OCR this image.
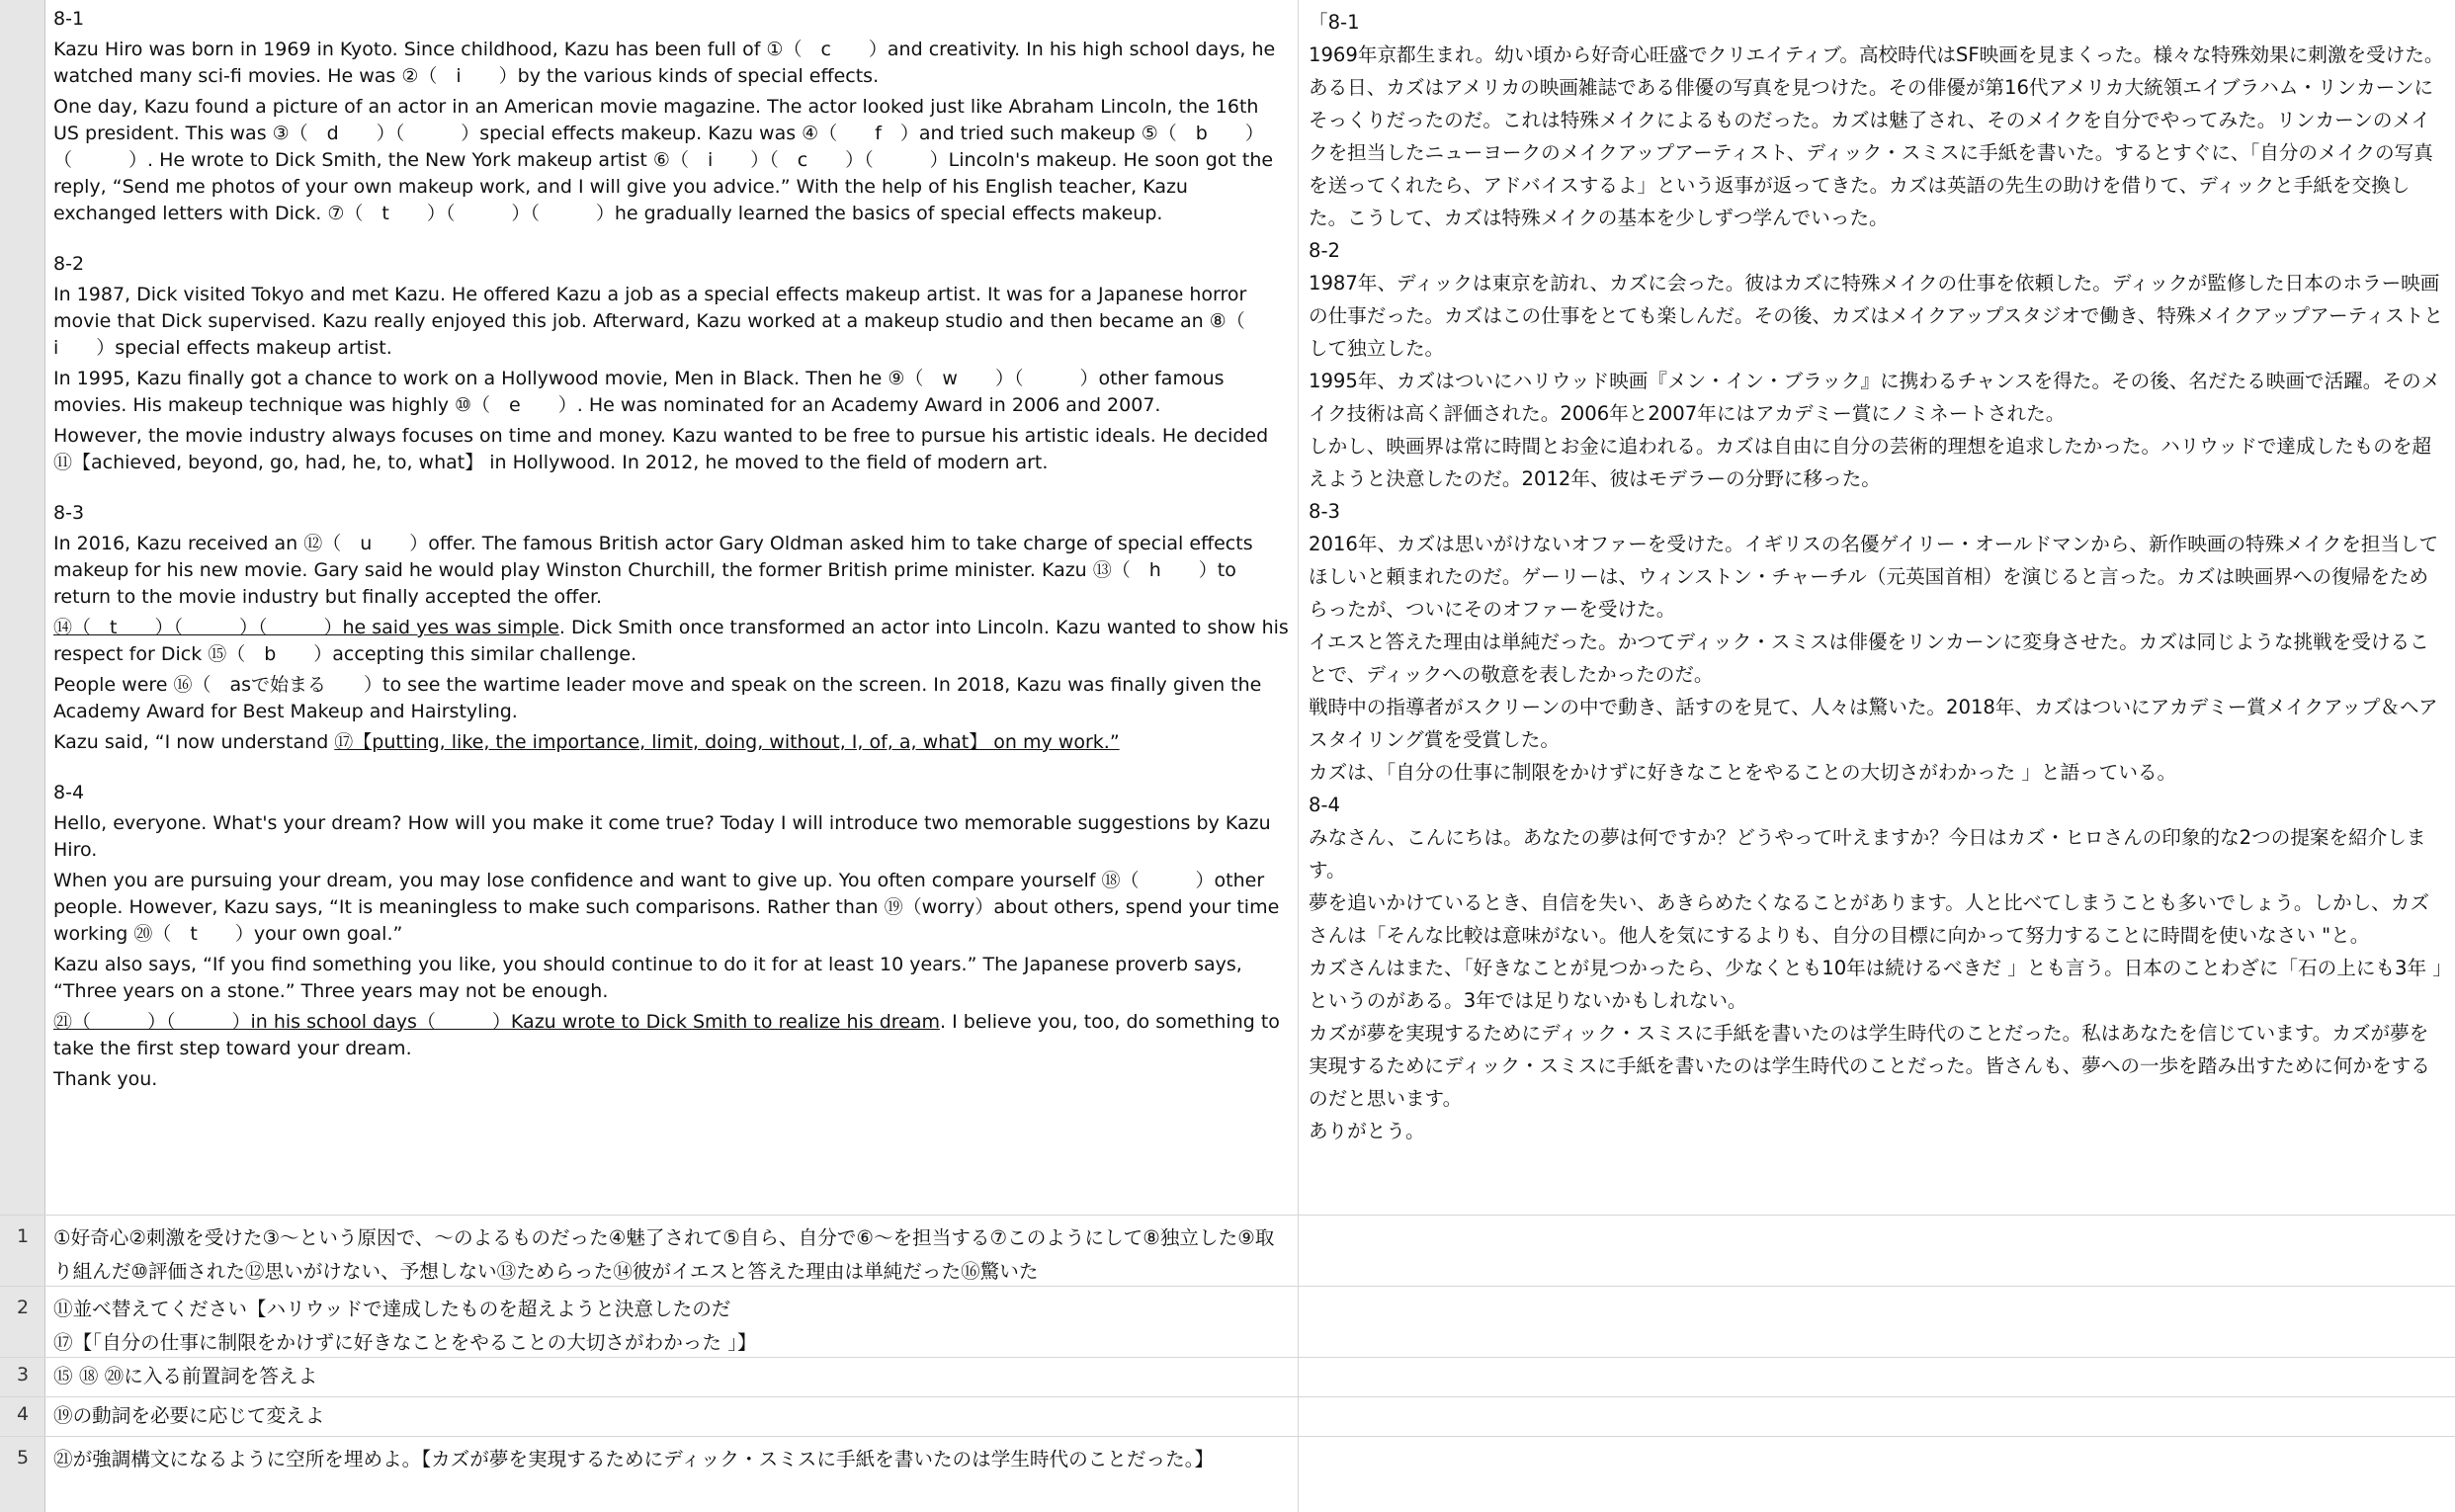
8-1

Kazu Hiro was born in 1969 in Kyoto. Since childhood, Kazu has been full of ①（　c　　）and creativity. In his high school days, he watched many sci-fi movies. He was ②（　i　　）by the various kinds of special effects.

One day, Kazu found a picture of an actor in an American movie magazine. The actor looked just like Abraham Lincoln, the 16th US president. This was ③（　d　　）（　　　）special effects makeup. Kazu was ④（　　f　）and tried such makeup ⑤（　b　　）（　　　）. He wrote to Dick Smith, the New York makeup artist ⑥（　i　　）（　c　　）（　　　）Lincoln's makeup. He soon got the reply, “Send me photos of your own makeup work, and I will give you advice.” With the help of his English teacher, Kazu exchanged letters with Dick. ⑦（　t　　）（　　　）（　　　）he gradually learned the basics of special effects makeup.

8-2

In 1987, Dick visited Tokyo and met Kazu. He offered Kazu a job as a special effects makeup artist. It was for a Japanese horror movie that Dick supervised. Kazu really enjoyed this job. Afterward, Kazu worked at a makeup studio and then became an ⑧（　i　　）special effects makeup artist.

In 1995, Kazu finally got a chance to work on a Hollywood movie, Men in Black. Then he ⑨（　w　　）（　　　）other famous movies. His makeup technique was highly ⑩（　e　　）. He was nominated for an Academy Award in 2006 and 2007.

However, the movie industry always focuses on time and money. Kazu wanted to be free to pursue his artistic ideals. He decided ⑪【achieved, beyond, go, had, he, to, what】 in Hollywood. In 2012, he moved to the field of modern art.

8-3

In 2016, Kazu received an ⑫（　u　　）offer. The famous British actor Gary Oldman asked him to take charge of special effects makeup for his new movie. Gary said he would play Winston Churchill, the former British prime minister. Kazu ⑬（　h　　）to return to the movie industry but finally accepted the offer.

⑭（　t　　）（　　　）（　　　）he said yes was simple. Dick Smith once transformed an actor into Lincoln. Kazu wanted to show his respect for Dick ⑮（　b　　）accepting this similar challenge.

People were ⑯（　asで始まる　　）to see the wartime leader move and speak on the screen. In 2018, Kazu was finally given the Academy Award for Best Makeup and Hairstyling.

Kazu said, “I now understand ⑰【putting, like, the importance, limit, doing, without, I, of, a, what】 on my work.”

8-4

Hello, everyone. What's your dream? How will you make it come true? Today I will introduce two memorable suggestions by Kazu Hiro.

When you are pursuing your dream, you may lose confidence and want to give up. You often compare yourself ⑱（　　　）other people. However, Kazu says, “It is meaningless to make such comparisons. Rather than ⑲（worry）about others, spend your time working ⑳（　t　　）your own goal.”

Kazu also says, “If you find something you like, you should continue to do it for at least 10 years.” The Japanese proverb says, “Three years on a stone.” Three years may not be enough.

㉑（　　　）（　　　）in his school days（　　　）Kazu wrote to Dick Smith to realize his dream. I believe you, too, do something to take the first step toward your dream.

Thank you.

「8-1

1969年京都生まれ。幼い頃から好奇心旺盛でクリエイティブ。高校時代はSF映画を見まくった。様々な特殊効果に刺激を受けた。

ある日、カズはアメリカの映画雑誌である俳優の写真を見つけた。その俳優が第16代アメリカ大統領エイブラハム・リンカーンにそっくりだったのだ。これは特殊メイクによるものだった。カズは魅了され、そのメイクを自分でやってみた。リンカーンのメイクを担当したニューヨークのメイクアップアーティスト、ディック・スミスに手紙を書いた。するとすぐに、「自分のメイクの写真を送ってくれたら、アドバイスするよ」という返事が返ってきた。カズは英語の先生の助けを借りて、ディックと手紙を交換した。こうして、カズは特殊メイクの基本を少しずつ学んでいった。

8-2

1987年、ディックは東京を訪れ、カズに会った。彼はカズに特殊メイクの仕事を依頼した。ディックが監修した日本のホラー映画の仕事だった。カズはこの仕事をとても楽しんだ。その後、カズはメイクアップスタジオで働き、特殊メイクアップアーティストとして独立した。

1995年、カズはついにハリウッド映画『メン・イン・ブラック』に携わるチャンスを得た。その後、名だたる映画で活躍。そのメイク技術は高く評価された。2006年と2007年にはアカデミー賞にノミネートされた。

しかし、映画界は常に時間とお金に追われる。カズは自由に自分の芸術的理想を追求したかった。ハリウッドで達成したものを超えようと決意したのだ。2012年、彼はモデラーの分野に移った。

8-3

2016年、カズは思いがけないオファーを受けた。イギリスの名優ゲイリー・オールドマンから、新作映画の特殊メイクを担当してほしいと頼まれたのだ。ゲーリーは、ウィンストン・チャーチル（元英国首相）を演じると言った。カズは映画界への復帰をためらったが、ついにそのオファーを受けた。

イエスと答えた理由は単純だった。かつてディック・スミスは俳優をリンカーンに変身させた。カズは同じような挑戦を受けることで、ディックへの敬意を表したかったのだ。

戦時中の指導者がスクリーンの中で動き、話すのを見て、人々は驚いた。2018年、カズはついにアカデミー賞メイクアップ＆ヘアスタイリング賞を受賞した。

カズは、「自分の仕事に制限をかけずに好きなことをやることの大切さがわかった 」と語っている。

8-4

みなさん、こんにちは。あなたの夢は何ですか？どうやって叶えますか？今日はカズ・ヒロさんの印象的な2つの提案を紹介します。

夢を追いかけているとき、自信を失い、あきらめたくなることがあります。人と比べてしまうことも多いでしょう。しかし、カズさんは「そんな比較は意味がない。他人を気にするよりも、自分の目標に向かって努力することに時間を使いなさい "と。

カズさんはまた、「好きなことが見つかったら、少なくとも10年は続けるべきだ 」とも言う。日本のことわざに「石の上にも3年 」というのがある。3年では足りないかもしれない。

カズが夢を実現するためにディック・スミスに手紙を書いたのは学生時代のことだった。私はあなたを信じています。カズが夢を実現するためにディック・スミスに手紙を書いたのは学生時代のことだった。皆さんも、夢への一歩を踏み出すために何かをするのだと思います。

ありがとう。

1	①好奇心②刺激を受けた③〜という原因で、〜のよるものだった④魅了されて⑤自ら、自分で⑥〜を担当する⑦このようにして⑧独立した⑨取り組んだ⑩評価された⑫思いがけない、予想しない⑬ためらった⑭彼がイエスと答えた理由は単純だった⑯驚いた

2	⑪並べ替えてください【ハリウッドで達成したものを超えようと決意したのだ

⑰【「自分の仕事に制限をかけずに好きなことをやることの大切さがわかった 」】

3	⑮ ⑱ ⑳に入る前置詞を答えよ

4	⑲の動詞を必要に応じて変えよ

5	㉑が強調構文になるように空所を埋めよ。【カズが夢を実現するためにディック・スミスに手紙を書いたのは学生時代のことだった。】
